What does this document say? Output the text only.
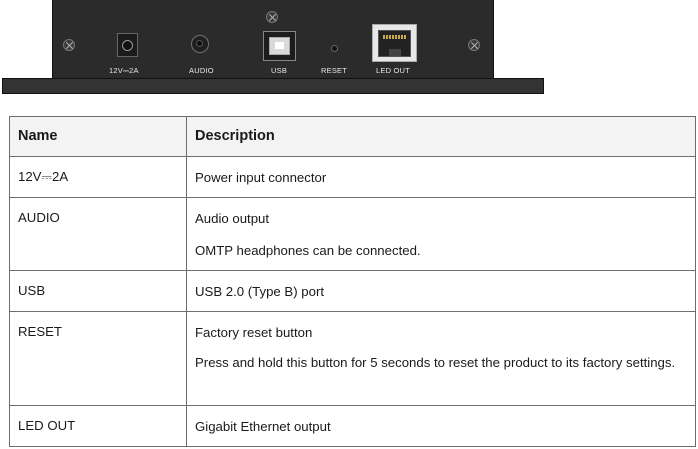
12V⎓2A	AUDIO	USB	RESET	LED OUT
Name	Description
12V⎓2A	Power input connector

AUDIO	Audio output
OMTP headphones can be connected.

USB	USB 2.0 (Type B) port

RESET	Factory reset button
Press and hold this button for 5 seconds to reset the product to its factory settings.

LED OUT	Gigabit Ethernet output
